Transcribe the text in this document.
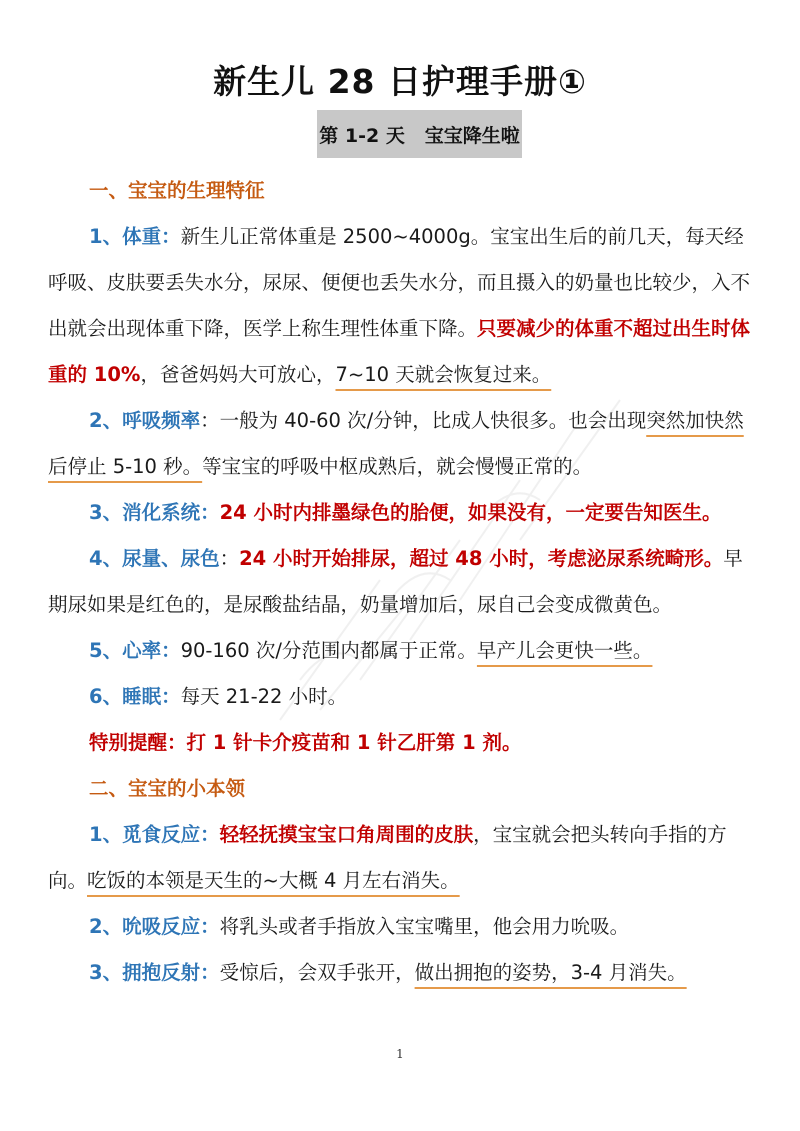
新生儿 28 日护理手册①
第 1-2 天   宝宝降生啦

一、宝宝的生理特征

1、体重：新生儿正常体重是 2500~4000g。宝宝出生后的前几天，每天经呼吸、皮肤要丢失水分，尿尿、便便也丢失水分，而且摄入的奶量也比较少，入不出就会出现体重下降，医学上称生理性体重下降。只要减少的体重不超过出生时体重的 10%，爸爸妈妈大可放心，7~10 天就会恢复过来。

2、呼吸频率：一般为 40-60 次/分钟，比成人快很多。也会出现突然加快然后停止 5-10 秒。等宝宝的呼吸中枢成熟后，就会慢慢正常的。

3、消化系统：24 小时内排墨绿色的胎便，如果没有，一定要告知医生。

4、尿量、尿色：24 小时开始排尿，超过 48 小时，考虑泌尿系统畸形。早期尿如果是红色的，是尿酸盐结晶，奶量增加后，尿自己会变成微黄色。

5、心率：90-160 次/分范围内都属于正常。早产儿会更快一些。

6、睡眠：每天 21-22 小时。

特别提醒：打 1 针卡介疫苗和 1 针乙肝第 1 剂。

二、宝宝的小本领

1、觅食反应：轻轻抚摸宝宝口角周围的皮肤，宝宝就会把头转向手指的方向。吃饭的本领是天生的~大概 4 月左右消失。

2、吮吸反应：将乳头或者手指放入宝宝嘴里，他会用力吮吸。

3、拥抱反射：受惊后，会双手张开，做出拥抱的姿势，3-4 月消失。

1
